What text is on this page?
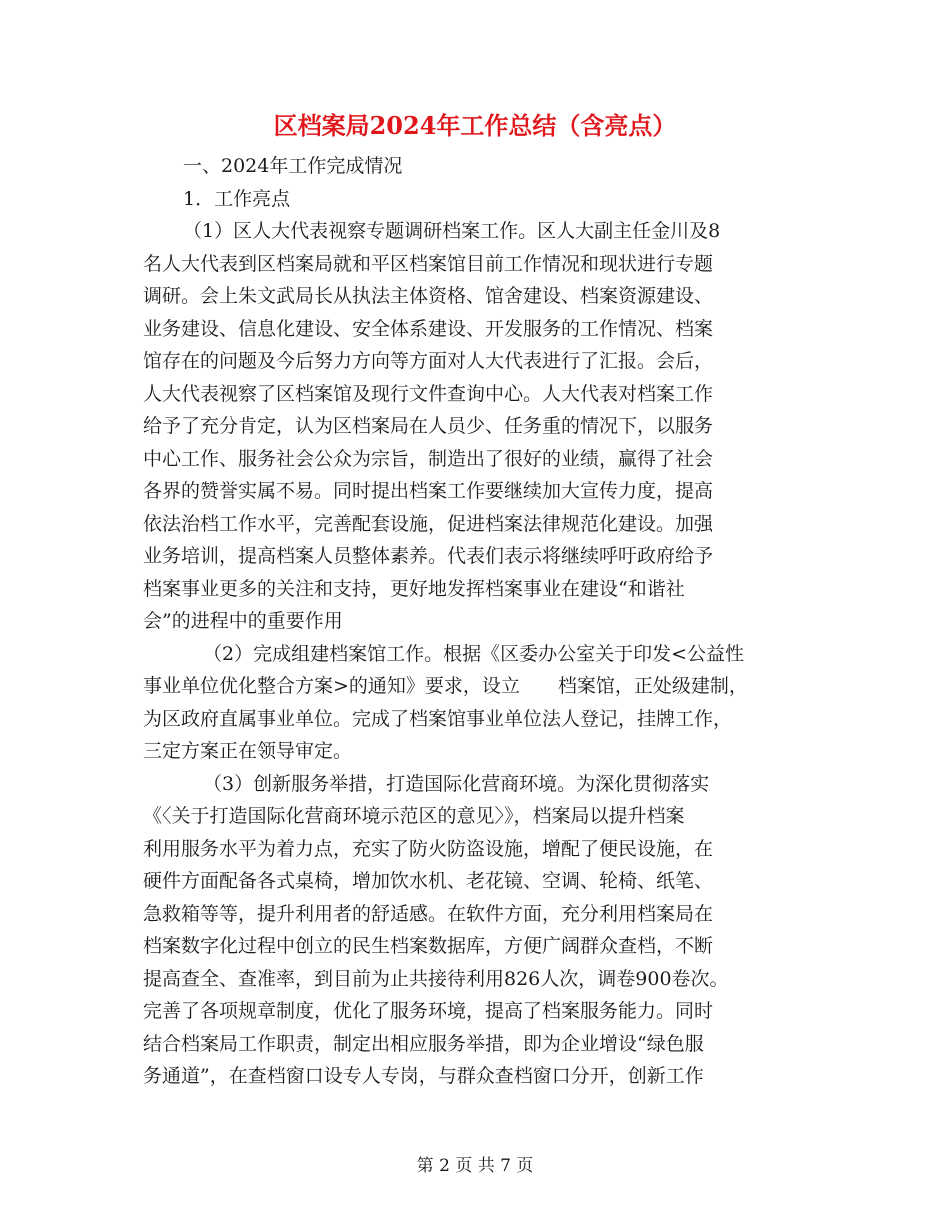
区档案局2024年工作总结（含亮点）
一、2024年工作完成情况
1．工作亮点
（1）区人大代表视察专题调研档案工作。区人大副主任金川及8
名人大代表到区档案局就和平区档案馆目前工作情况和现状进行专题
调研。会上朱文武局长从执法主体资格、馆舍建设、档案资源建设、
业务建设、信息化建设、安全体系建设、开发服务的工作情况、档案
馆存在的问题及今后努力方向等方面对人大代表进行了汇报。会后，
人大代表视察了区档案馆及现行文件查询中心。人大代表对档案工作
给予了充分肯定，认为区档案局在人员少、任务重的情况下，以服务
中心工作、服务社会公众为宗旨，制造出了很好的业绩，赢得了社会
各界的赞誉实属不易。同时提出档案工作要继续加大宣传力度，提高
依法治档工作水平，完善配套设施，促进档案法律规范化建设。加强
业务培训，提高档案人员整体素养。代表们表示将继续呼吁政府给予
档案事业更多的关注和支持，更好地发挥档案事业在建设“和谐社
会”的进程中的重要作用
（2）完成组建档案馆工作。根据《区委办公室关于印发<公益性
事业单位优化整合方案>的通知》要求，设立　　档案馆，正处级建制，
为区政府直属事业单位。完成了档案馆事业单位法人登记，挂牌工作，
三定方案正在领导审定。
（3）创新服务举措，打造国际化营商环境。为深化贯彻落实
《〈关于打造国际化营商环境示范区的意见〉》，档案局以提升档案
利用服务水平为着力点，充实了防火防盗设施，增配了便民设施，在
硬件方面配备各式桌椅，增加饮水机、老花镜、空调、轮椅、纸笔、
急救箱等等，提升利用者的舒适感。在软件方面，充分利用档案局在
档案数字化过程中创立的民生档案数据库，方便广阔群众查档，不断
提高查全、查准率，到目前为止共接待利用826人次，调卷900卷次。
完善了各项规章制度，优化了服务环境，提高了档案服务能力。同时
结合档案局工作职责，制定出相应服务举措，即为企业增设“绿色服
务通道”，在查档窗口设专人专岗，与群众查档窗口分开，创新工作
第 2 页 共 7 页
